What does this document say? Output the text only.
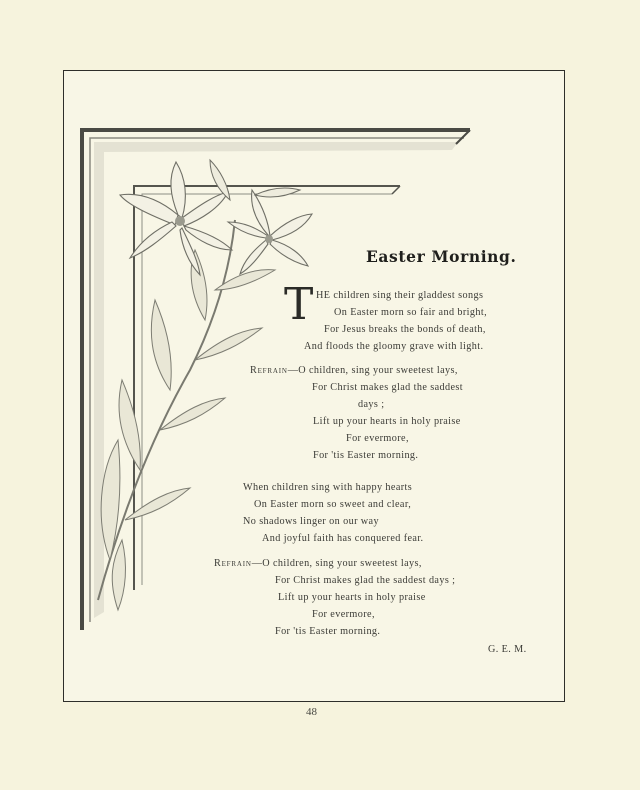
Easter Morning.
T HE children sing their gladdest songs
On Easter morn so fair and bright,
For Jesus breaks the bonds of death,
And floods the gloomy grave with light.
Refrain—O children, sing your sweetest lays,
For Christ makes glad the saddest
days ;
Lift up your hearts in holy praise
For evermore,
For 'tis Easter morning.
When children sing with happy hearts
On Easter morn so sweet and clear,
No shadows linger on our way
And joyful faith has conquered fear.
Refrain—O children, sing your sweetest lays,
For Christ makes glad the saddest days ;
Lift up your hearts in holy praise
For evermore,
For 'tis Easter morning.
G. E. M.
48
